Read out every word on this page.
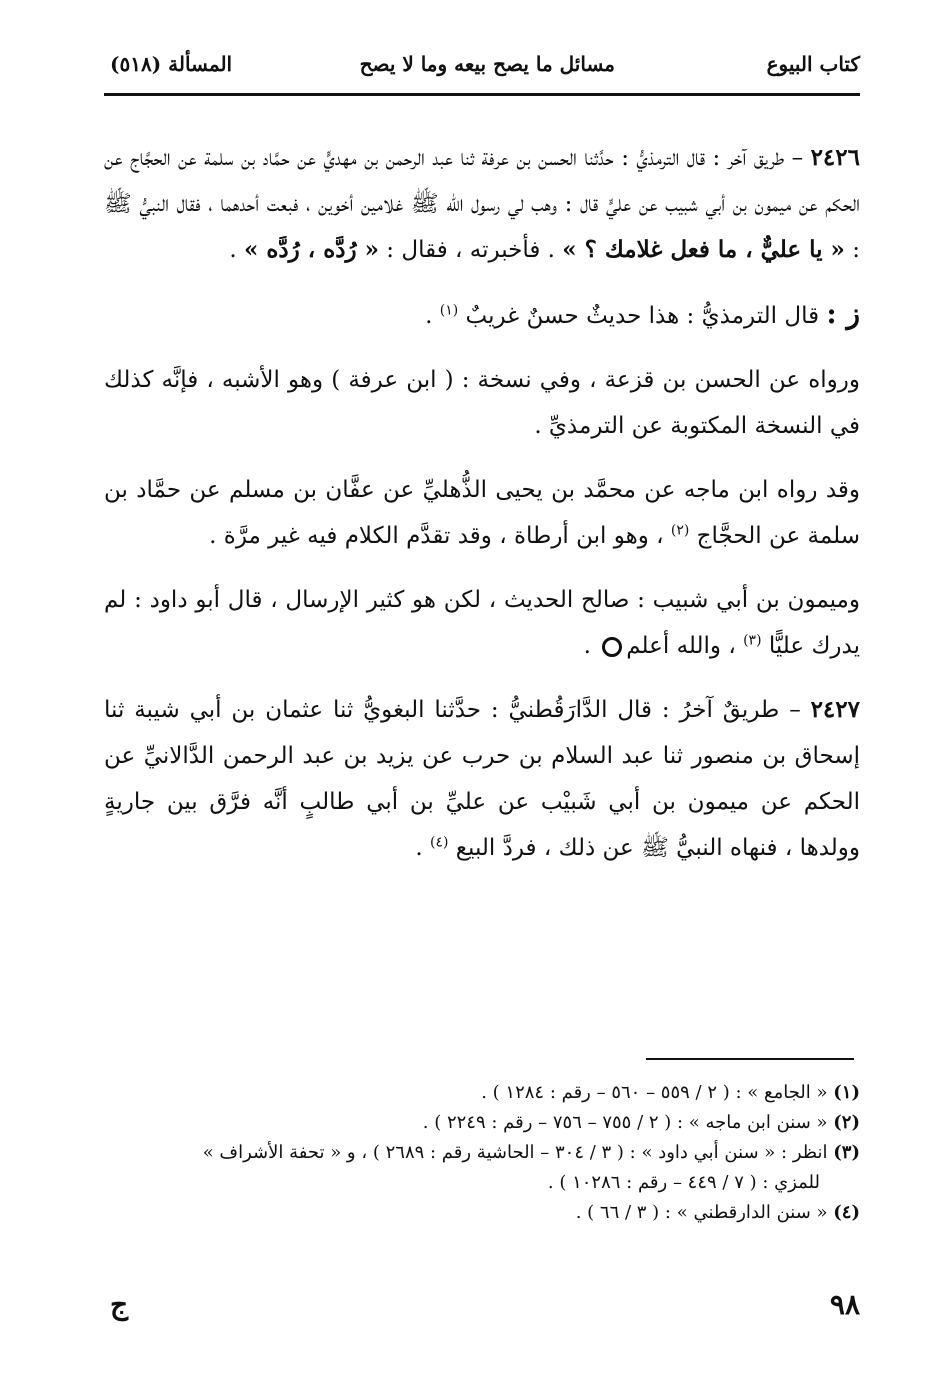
كتاب البيوع
مسائل ما يصح بيعه وما لا يصح
المسألة (٥١٨)

٢٤٢٦ – طريق آخر : قال الترمذيُّ : حدَّثنا الحسن بن عرفة ثنا عبد الرحمن بن مهديٍّ عن حمَّاد بن سلمة عن الحجَّاج عن الحكم عن ميمون بن أبي شبيب عن عليٍّ قال : وهب لي رسول الله ﷺ غلامين أخوين ، فبعت أحدهما ، فقال النبيُّ ﷺ : « يا عليٌّ ، ما فعل غلامك ؟ » . فأخبرته ، فقال : « رُدَّه ، رُدَّه » .

ز : قال الترمذيُّ : هذا حديثٌ حسنٌ غريبٌ $^{(١)}$ .

ورواه عن الحسن بن قزعة ، وفي نسخة : ( ابن عرفة ) وهو الأشبه ، فإنَّه كذلك في النسخة المكتوبة عن الترمذيِّ .

وقد رواه ابن ماجه عن محمَّد بن يحيى الذُّهليِّ عن عفَّان بن مسلم عن حمَّاد بن سلمة عن الحجَّاج $^{(٢)}$ ، وهو ابن أرطاة ، وقد تقدَّم الكلام فيه غير مرَّة .

وميمون بن أبي شبيب : صالح الحديث ، لكن هو كثير الإرسال ، قال أبو داود : لم يدرك عليًّا $^{(٣)}$ ، والله أعلم .

٢٤٢٧ – طريقٌ آخرُ : قال الدَّارَقُطنيُّ : حدَّثنا البغويُّ ثنا عثمان بن أبي شيبة ثنا إسحاق بن منصور ثنا عبد السلام بن حرب عن يزيد بن عبد الرحمن الدَّالانيِّ عن الحكم عن ميمون بن أبي شَبيْب عن عليِّ بن أبي طالبٍ أنَّه فرَّق بين جاريةٍ وولدها ، فنهاه النبيُّ ﷺ عن ذلك ، فردَّ البيع $^{(٤)}$ .

(١) « الجامع » : ( ٢ / ٥٥٩ – ٥٦٠ – رقم : ١٢٨٤ ) .

(٢) « سنن ابن ماجه » : ( ٢ / ٧٥٥ – ٧٥٦ – رقم : ٢٢٤٩ ) .

(٣) انظر : « سنن أبي داود » : ( ٣ / ٣٠٤ – الحاشية رقم : ٢٦٨٩ ) ، و « تحفة الأشراف »

للمزي : ( ٧ / ٤٤٩ – رقم : ١٠٢٨٦ ) .

(٤) « سنن الدارقطني » : ( ٣ / ٦٦ ) .

٩٨
ج
